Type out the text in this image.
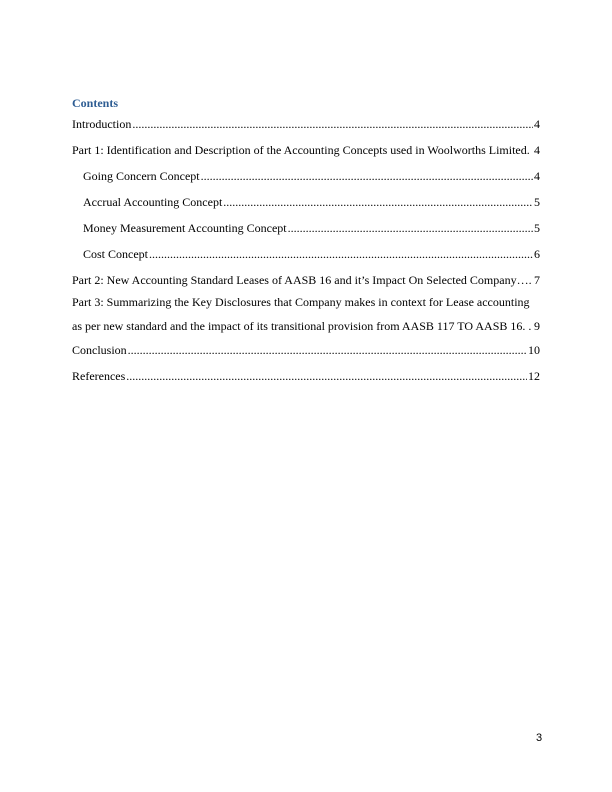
Contents
Introduction .....	4
Part 1: Identification and Description of the Accounting Concepts used in Woolworths Limited. 4
Going Concern Concept .....	4
Accrual Accounting Concept .....	5
Money Measurement Accounting Concept .....	5
Cost Concept .....	6
Part 2: New Accounting Standard Leases of AASB 16 and it’s Impact On Selected Company…. 7
Part 3: Summarizing the Key Disclosures that Company makes in context for Lease accounting
as per new standard and the impact of its transitional provision from AASB 117 TO AASB 16. . 9
Conclusion .....	10
References .....	12
3
